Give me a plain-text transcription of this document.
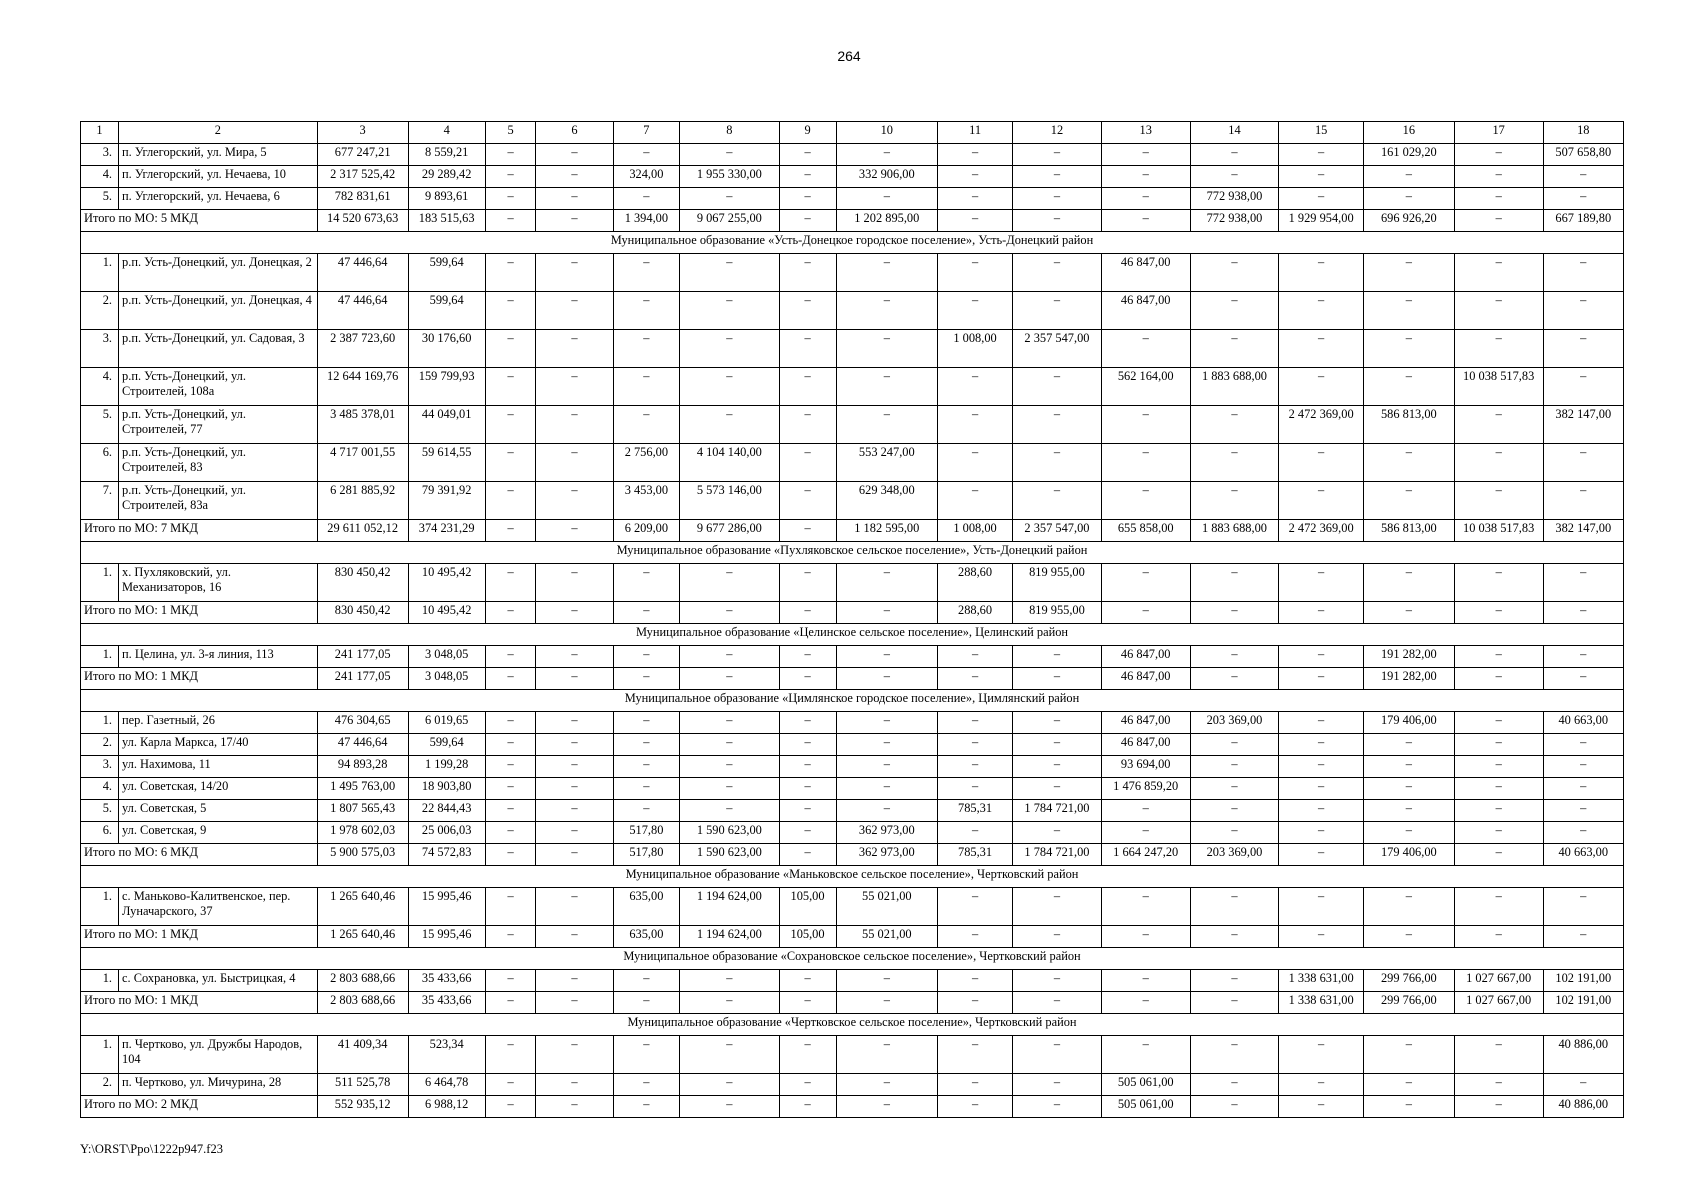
264
1	2	3	4	5	6	7	8	9	10	11	12	13	14	15	16	17	18
3.	п. Углегорский, ул. Мира, 5	677 247,21	8 559,21	–	–	–	–	–	–	–	–	–	–	–	161 029,20	–	507 658,80
4.	п. Углегорский, ул. Нечаева, 10	2 317 525,42	29 289,42	–	–	324,00	1 955 330,00	–	332 906,00	–	–	–	–	–	–	–	–
5.	п. Углегорский, ул. Нечаева, 6	782 831,61	9 893,61	–	–	–	–	–	–	–	–	–	772 938,00	–	–	–	–
Итого по МО: 5 МКД		14 520 673,63	183 515,63	–	–	1 394,00	9 067 255,00	–	1 202 895,00	–	–	–	772 938,00	1 929 954,00	696 926,20	–	667 189,80
Муниципальное образование «Усть-Донецкое городское поселение», Усть-Донецкий район																	
1.	р.п. Усть-Донецкий, ул. Донецкая, 2	47 446,64	599,64	–	–	–	–	–	–	–	–	46 847,00	–	–	–	–	–
2.	р.п. Усть-Донецкий, ул. Донецкая, 4	47 446,64	599,64	–	–	–	–	–	–	–	–	46 847,00	–	–	–	–	–
3.	р.п. Усть-Донецкий, ул. Садовая, 3	2 387 723,60	30 176,60	–	–	–	–	–	–	1 008,00	2 357 547,00	–	–	–	–	–	–
4.	р.п. Усть-Донецкий, ул. Строителей, 108а	12 644 169,76	159 799,93	–	–	–	–	–	–	–	–	562 164,00	1 883 688,00	–	–	10 038 517,83	–
5.	р.п. Усть-Донецкий, ул. Строителей, 77	3 485 378,01	44 049,01	–	–	–	–	–	–	–	–	–	–	2 472 369,00	586 813,00	–	382 147,00
6.	р.п. Усть-Донецкий, ул. Строителей, 83	4 717 001,55	59 614,55	–	–	2 756,00	4 104 140,00	–	553 247,00	–	–	–	–	–	–	–	–
7.	р.п. Усть-Донецкий, ул. Строителей, 83а	6 281 885,92	79 391,92	–	–	3 453,00	5 573 146,00	–	629 348,00	–	–	–	–	–	–	–	–
Итого по МО: 7 МКД		29 611 052,12	374 231,29	–	–	6 209,00	9 677 286,00	–	1 182 595,00	1 008,00	2 357 547,00	655 858,00	1 883 688,00	2 472 369,00	586 813,00	10 038 517,83	382 147,00
Муниципальное образование «Пухляковское сельское поселение», Усть-Донецкий район																	
1.	х. Пухляковский, ул. Механизаторов, 16	830 450,42	10 495,42	–	–	–	–	–	–	288,60	819 955,00	–	–	–	–	–	–
Итого по МО: 1 МКД		830 450,42	10 495,42	–	–	–	–	–	–	288,60	819 955,00	–	–	–	–	–	–
Муниципальное образование «Целинское сельское поселение», Целинский район																	
1.	п. Целина, ул. 3-я линия, 113	241 177,05	3 048,05	–	–	–	–	–	–	–	–	46 847,00	–	–	191 282,00	–	–
Итого по МО: 1 МКД		241 177,05	3 048,05	–	–	–	–	–	–	–	–	46 847,00	–	–	191 282,00	–	–
Муниципальное образование «Цимлянское городское поселение», Цимлянский район																	
1.	пер. Газетный, 26	476 304,65	6 019,65	–	–	–	–	–	–	–	–	46 847,00	203 369,00	–	179 406,00	–	40 663,00
2.	ул. Карла Маркса, 17/40	47 446,64	599,64	–	–	–	–	–	–	–	–	46 847,00	–	–	–	–	–
3.	ул. Нахимова, 11	94 893,28	1 199,28	–	–	–	–	–	–	–	–	93 694,00	–	–	–	–	–
4.	ул. Советская, 14/20	1 495 763,00	18 903,80	–	–	–	–	–	–	–	–	1 476 859,20	–	–	–	–	–
5.	ул. Советская, 5	1 807 565,43	22 844,43	–	–	–	–	–	–	785,31	1 784 721,00	–	–	–	–	–	–
6.	ул. Советская, 9	1 978 602,03	25 006,03	–	–	517,80	1 590 623,00	–	362 973,00	–	–	–	–	–	–	–	–
Итого по МО: 6 МКД		5 900 575,03	74 572,83	–	–	517,80	1 590 623,00	–	362 973,00	785,31	1 784 721,00	1 664 247,20	203 369,00	–	179 406,00	–	40 663,00
Муниципальное образование «Маньковское сельское поселение», Чертковский район																	
1.	с. Маньково-Калитвенское, пер. Луначарского, 37	1 265 640,46	15 995,46	–	–	635,00	1 194 624,00	105,00	55 021,00	–	–	–	–	–	–	–	–
Итого по МО: 1 МКД		1 265 640,46	15 995,46	–	–	635,00	1 194 624,00	105,00	55 021,00	–	–	–	–	–	–	–	–
Муниципальное образование «Сохрановское сельское поселение», Чертковский район																	
1.	с. Сохрановка, ул. Быстрицкая, 4	2 803 688,66	35 433,66	–	–	–	–	–	–	–	–	–	–	1 338 631,00	299 766,00	1 027 667,00	102 191,00
Итого по МО: 1 МКД		2 803 688,66	35 433,66	–	–	–	–	–	–	–	–	–	–	1 338 631,00	299 766,00	1 027 667,00	102 191,00
Муниципальное образование «Чертковское сельское поселение», Чертковский район																	
1.	п. Чертково, ул. Дружбы Народов, 104	41 409,34	523,34	–	–	–	–	–	–	–	–	–	–	–	–	–	40 886,00
2.	п. Чертково, ул. Мичурина, 28	511 525,78	6 464,78	–	–	–	–	–	–	–	–	505 061,00	–	–	–	–	–
Итого по МО: 2 МКД		552 935,12	6 988,12	–	–	–	–	–	–	–	–	505 061,00	–	–	–	–	40 886,00
Y:\ORST\Ppo\1222p947.f23
